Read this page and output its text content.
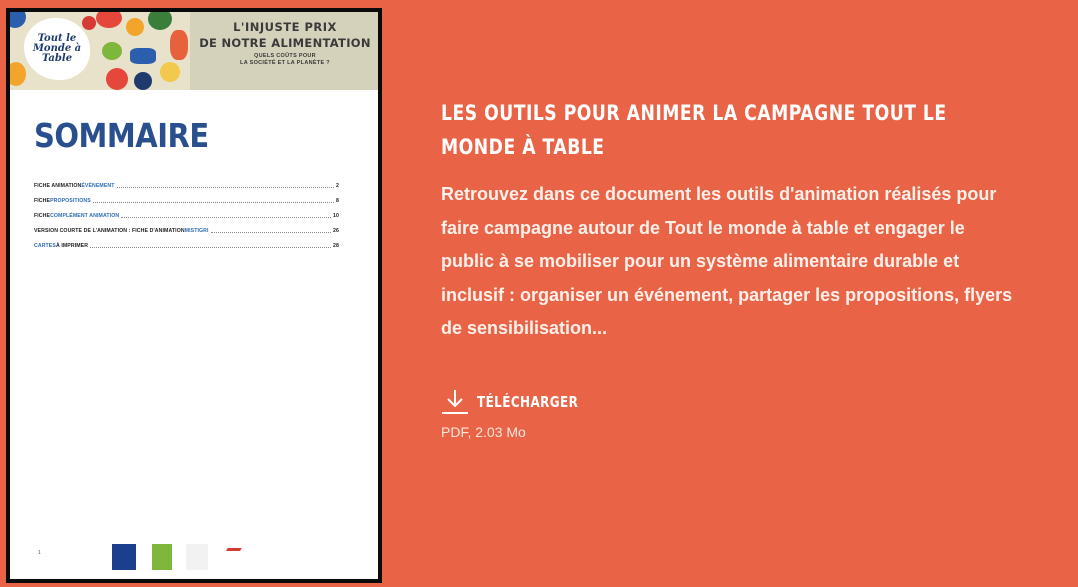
Tout le Monde à Table
L'INJUSTE PRIX
DE NOTRE ALIMENTATION
QUELS COÛTS POUR
LA SOCIÉTÉ ET LA PLANÈTE ?
SOMMAIRE
FICHE ANIMATION ÉVÉNEMENT	2
FICHE PROPOSITIONS	8
FICHE COMPLÉMENT ANIMATION	10
VERSION COURTE DE L'ANIMATION : FICHE D'ANIMATION MISTIGRI	26
CARTES À IMPRIMER	28
1
LES OUTILS POUR ANIMER LA CAMPAGNE TOUT LE MONDE À TABLE

Retrouvez dans ce document les outils d'animation réalisés pour faire campagne autour de Tout le monde à table et engager le public à se mobiliser pour un système alimentaire durable et inclusif : organiser un événement, partager les propositions, flyers de sensibilisation...

TÉLÉCHARGER
PDF, 2.03 Mo
